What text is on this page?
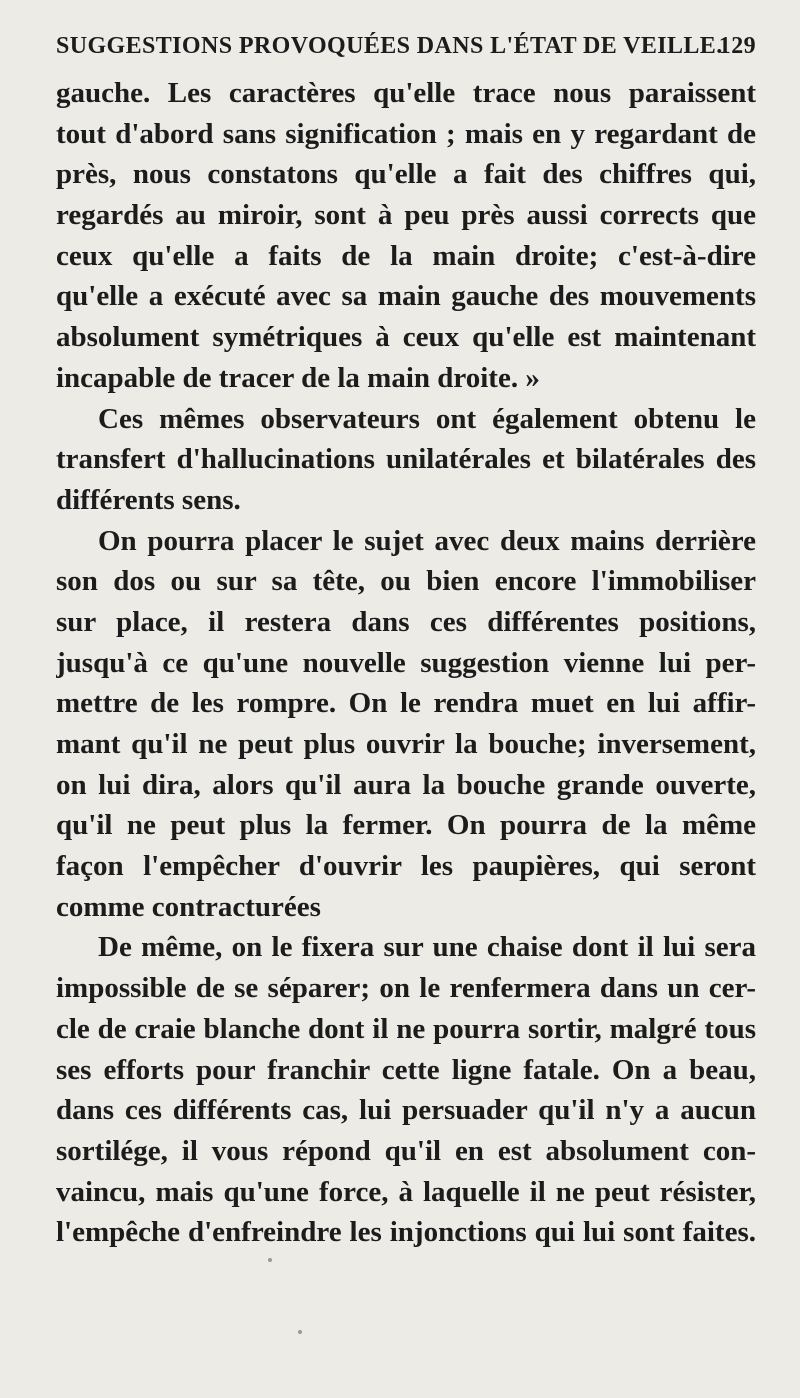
SUGGESTIONS PROVOQUÉES DANS L'ÉTAT DE VEILLE.
129
gauche. Les caractères qu'elle trace nous paraissent
tout d'abord sans signification ; mais en y regardant de
près, nous constatons qu'elle a fait des chiffres qui,
regardés au miroir, sont à peu près aussi corrects que
ceux qu'elle a faits de la main droite; c'est-à-dire
qu'elle a exécuté avec sa main gauche des mouvements
absolument symétriques à ceux qu'elle est maintenant
incapable de tracer de la main droite. »
Ces mêmes observateurs ont également obtenu le
transfert d'hallucinations unilatérales et bilatérales des
différents sens.
On pourra placer le sujet avec deux mains derrière
son dos ou sur sa tête, ou bien encore l'immobiliser
sur place, il restera dans ces différentes positions,
jusqu'à ce qu'une nouvelle suggestion vienne lui per-
mettre de les rompre. On le rendra muet en lui affir-
mant qu'il ne peut plus ouvrir la bouche; inversement,
on lui dira, alors qu'il aura la bouche grande ouverte,
qu'il ne peut plus la fermer. On pourra de la même
façon l'empêcher d'ouvrir les paupières, qui seront
comme contracturées
De même, on le fixera sur une chaise dont il lui sera
impossible de se séparer; on le renfermera dans un cer-
cle de craie blanche dont il ne pourra sortir, malgré tous
ses efforts pour franchir cette ligne fatale. On a beau,
dans ces différents cas, lui persuader qu'il n'y a aucun
sortilége, il vous répond qu'il en est absolument con-
vaincu, mais qu'une force, à laquelle il ne peut résister,
l'empêche d'enfreindre les injonctions qui lui sont faites.
